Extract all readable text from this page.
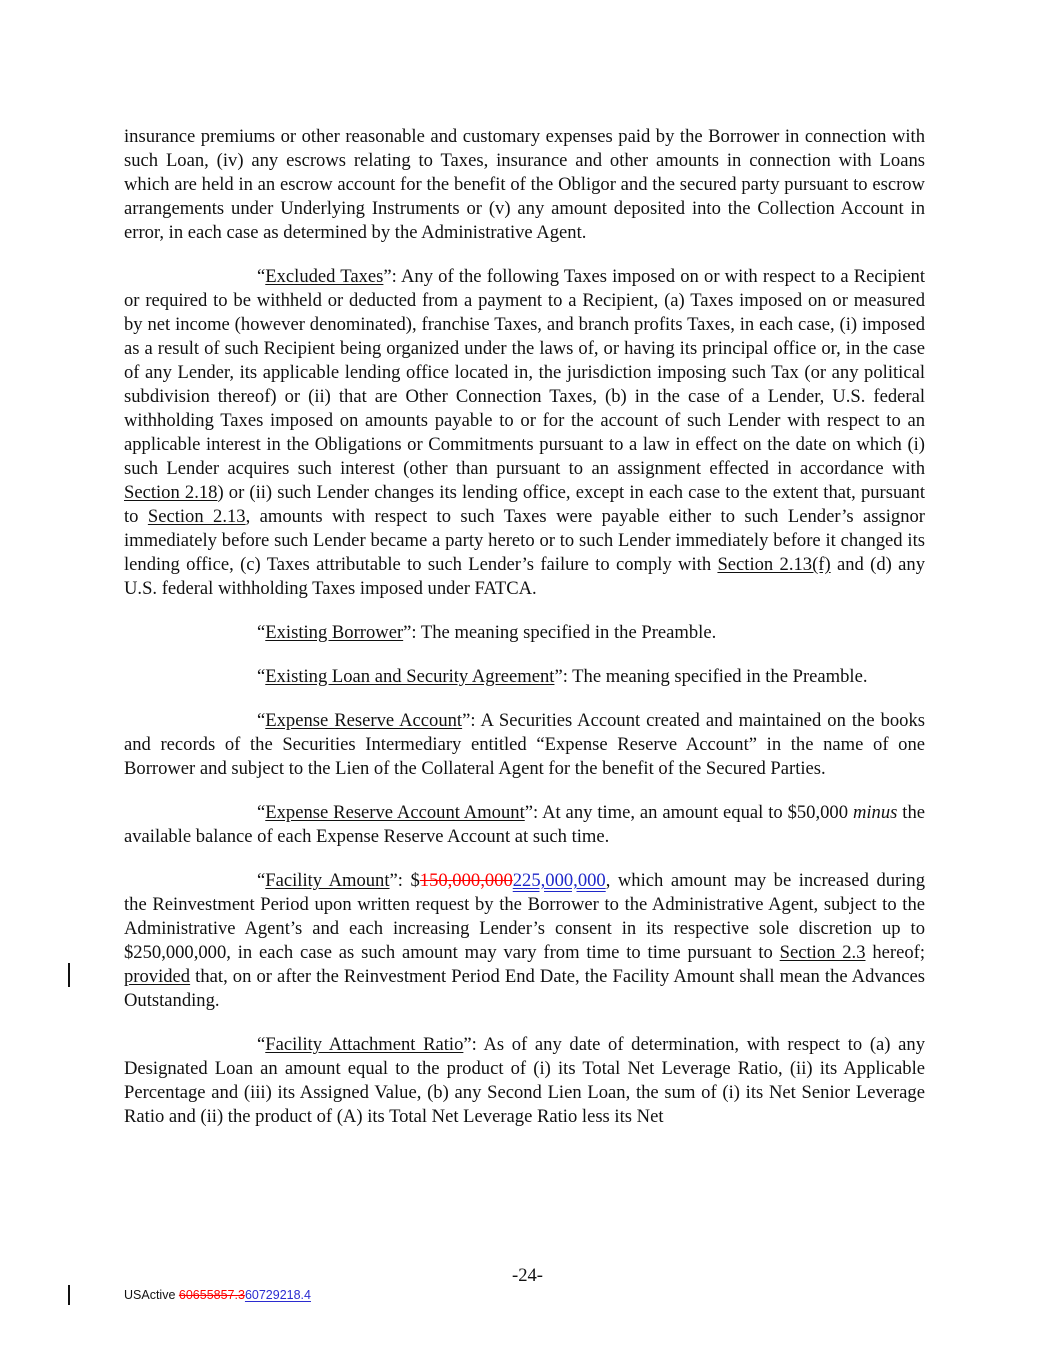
insurance premiums or other reasonable and customary expenses paid by the Borrower in connection with such Loan, (iv) any escrows relating to Taxes, insurance and other amounts in connection with Loans which are held in an escrow account for the benefit of the Obligor and the secured party pursuant to escrow arrangements under Underlying Instruments or (v) any amount deposited into the Collection Account in error, in each case as determined by the Administrative Agent.

“Excluded Taxes”: Any of the following Taxes imposed on or with respect to a Recipient or required to be withheld or deducted from a payment to a Recipient, (a) Taxes imposed on or measured by net income (however denominated), franchise Taxes, and branch profits Taxes, in each case, (i) imposed as a result of such Recipient being organized under the laws of, or having its principal office or, in the case of any Lender, its applicable lending office located in, the jurisdiction imposing such Tax (or any political subdivision thereof) or (ii) that are Other Connection Taxes, (b) in the case of a Lender, U.S. federal withholding Taxes imposed on amounts payable to or for the account of such Lender with respect to an applicable interest in the Obligations or Commitments pursuant to a law in effect on the date on which (i) such Lender acquires such interest (other than pursuant to an assignment effected in accordance with Section 2.18) or (ii) such Lender changes its lending office, except in each case to the extent that, pursuant to Section 2.13, amounts with respect to such Taxes were payable either to such Lender’s assignor immediately before such Lender became a party hereto or to such Lender immediately before it changed its lending office, (c) Taxes attributable to such Lender’s failure to comply with Section 2.13(f) and (d) any U.S. federal withholding Taxes imposed under FATCA.

“Existing Borrower”: The meaning specified in the Preamble.

“Existing Loan and Security Agreement”: The meaning specified in the Preamble.

“Expense Reserve Account”: A Securities Account created and maintained on the books and records of the Securities Intermediary entitled “Expense Reserve Account” in the name of one Borrower and subject to the Lien of the Collateral Agent for the benefit of the Secured Parties.

“Expense Reserve Account Amount”: At any time, an amount equal to $50,000 minus the available balance of each Expense Reserve Account at such time.

“Facility Amount”: $150,000,000225,000,000, which amount may be increased during the Reinvestment Period upon written request by the Borrower to the Administrative Agent, subject to the Administrative Agent’s and each increasing Lender’s consent in its respective sole discretion up to $250,000,000, in each case as such amount may vary from time to time pursuant to Section 2.3 hereof; provided that, on or after the Reinvestment Period End Date, the Facility Amount shall mean the Advances Outstanding.

“Facility Attachment Ratio”: As of any date of determination, with respect to (a) any Designated Loan an amount equal to the product of (i) its Total Net Leverage Ratio, (ii) its Applicable Percentage and (iii) its Assigned Value, (b) any Second Lien Loan, the sum of (i) its Net Senior Leverage Ratio and (ii) the product of (A) its Total Net Leverage Ratio less its Net

-24-
USActive 60655857.360729218.4
